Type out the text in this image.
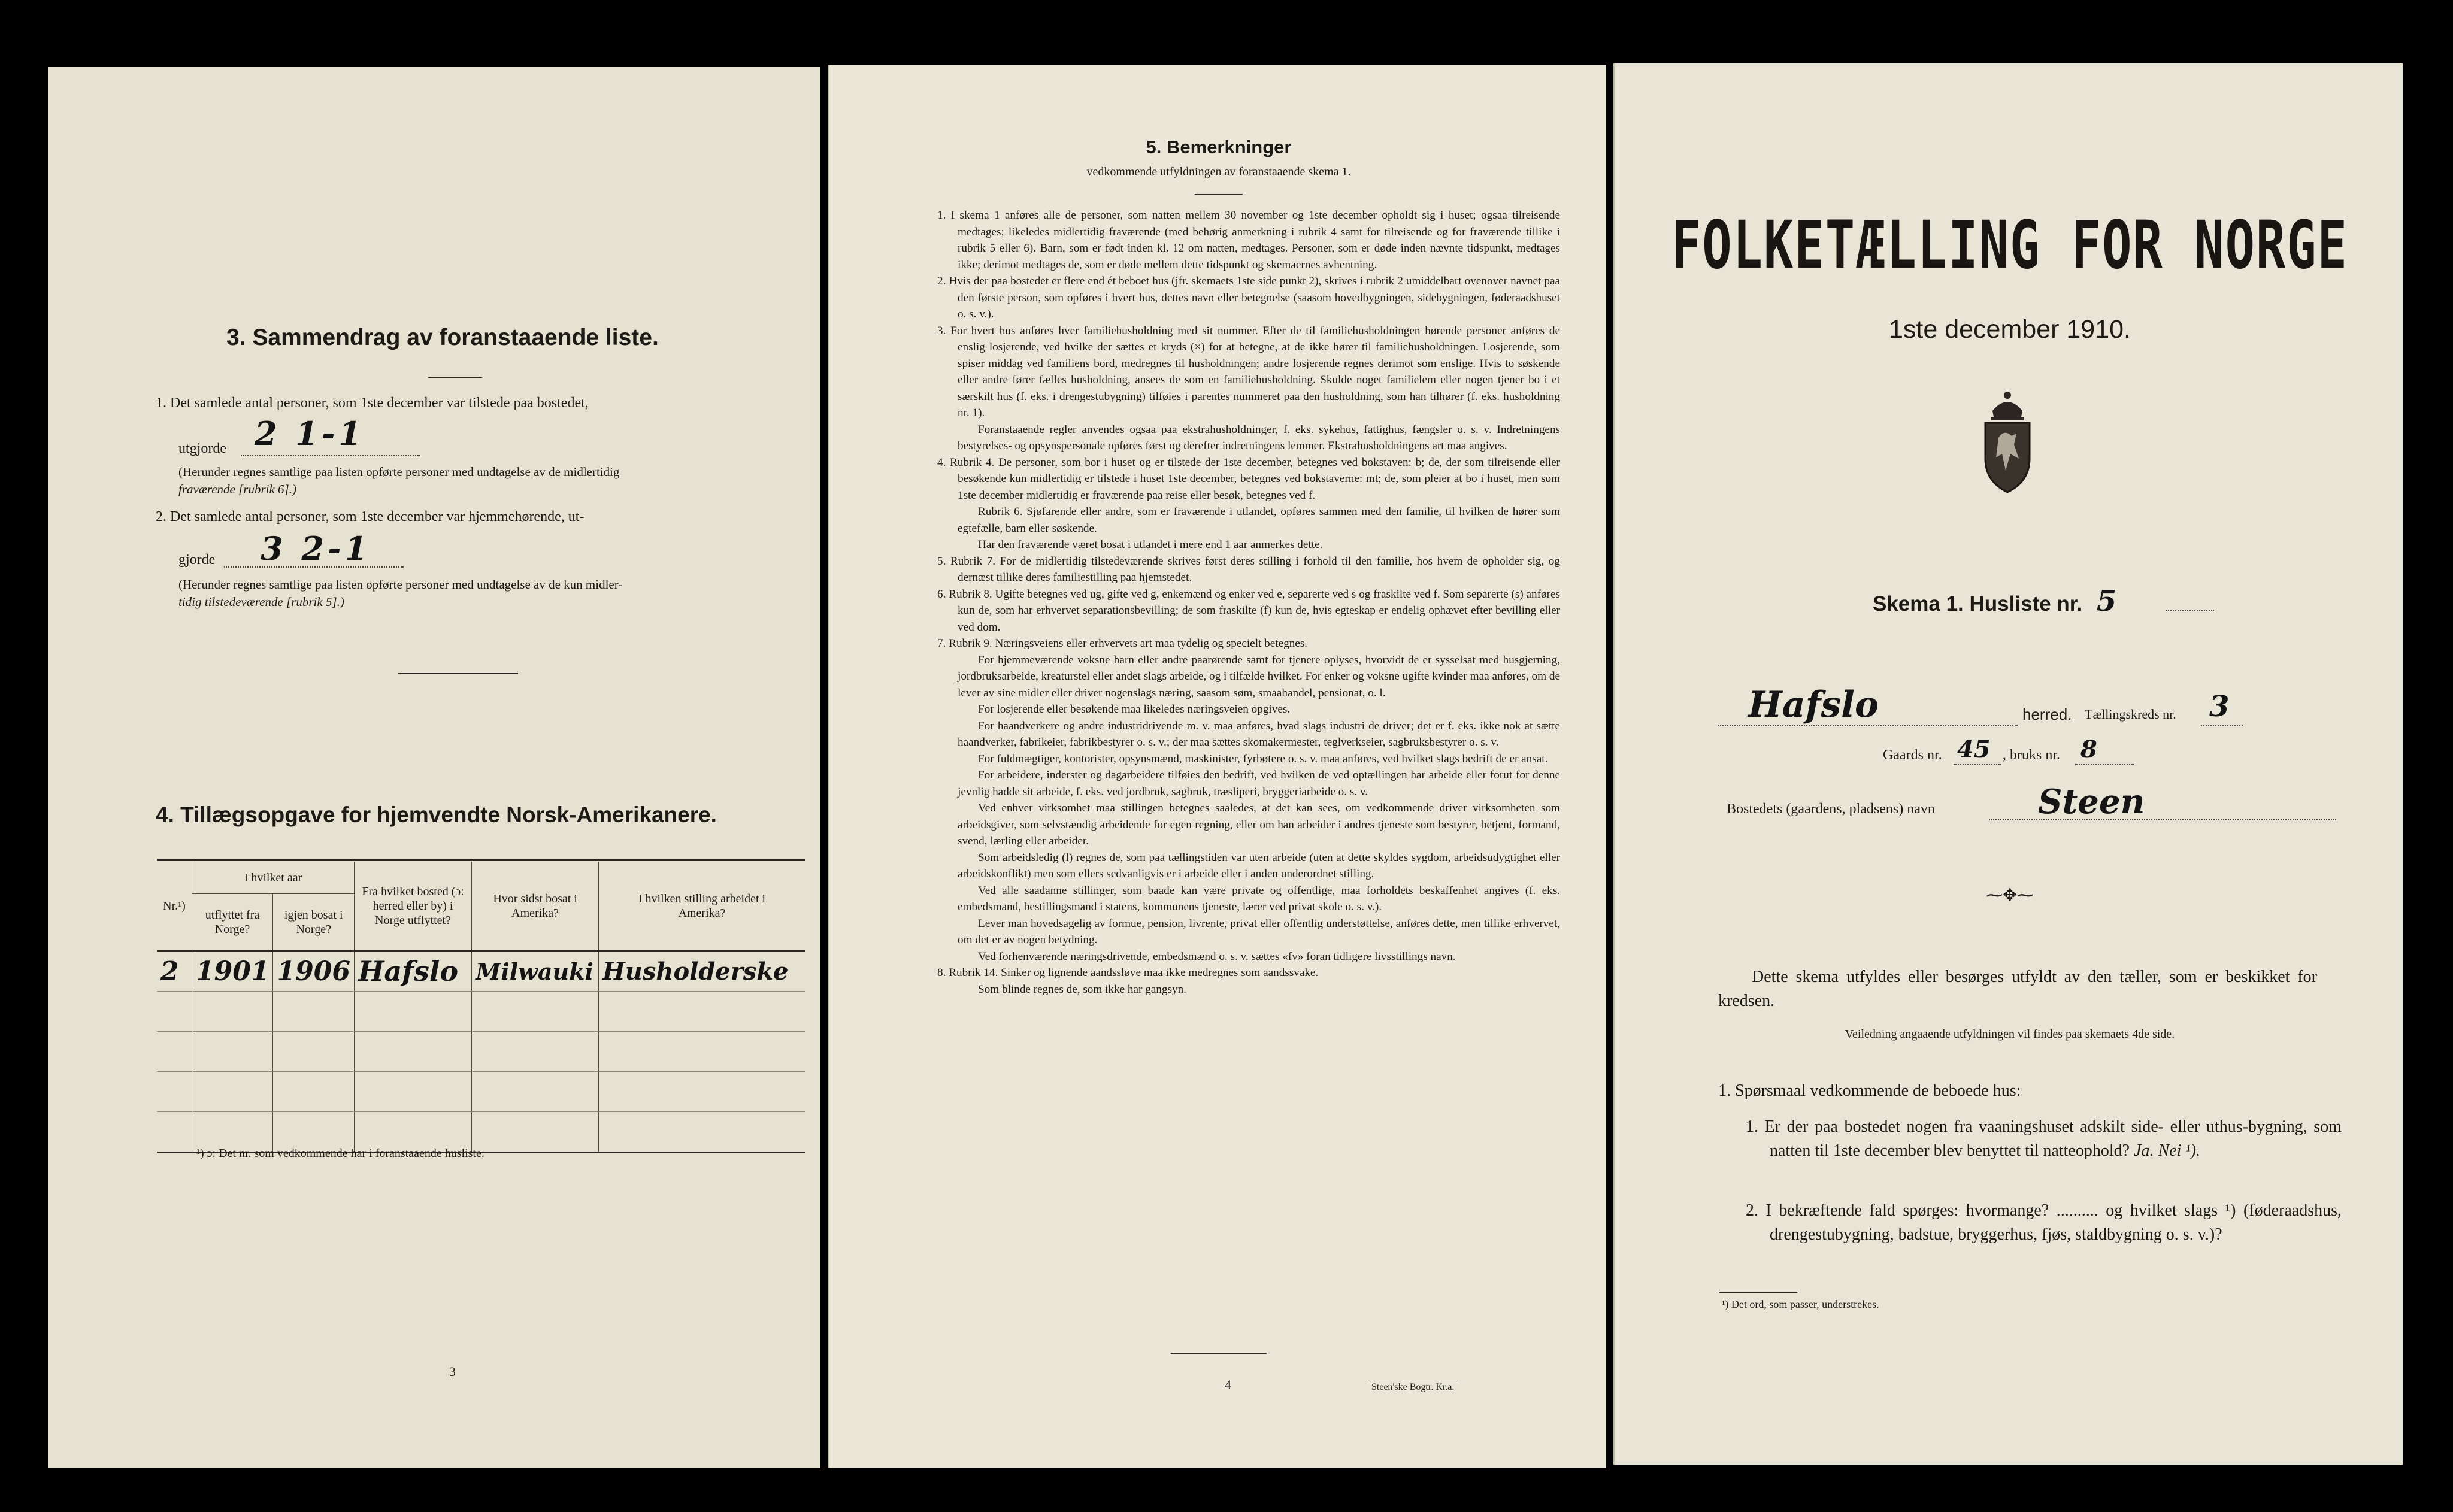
3. Sammendrag av foranstaaende liste.
1. Det samlede antal personer, som 1ste december var tilstede paa bostedet,
utgjorde 2 1-1
(Herunder regnes samtlige paa listen opførte personer med undtagelse av de midlertidig
fraværende [rubrik 6].)
2. Det samlede antal personer, som 1ste december var hjemmehørende, ut-
gjorde 3 2-1
(Herunder regnes samtlige paa listen opførte personer med undtagelse av de kun midler-
tidig tilstedeværende [rubrik 5].)
4. Tillægsopgave for hjemvendte Norsk-Amerikanere.
Nr.¹)	I hvilket aar		Fra hvilket bosted (ɔ: herred eller by) i Norge utflyttet?	Hvor sidst bosat i Amerika?	I hvilken stilling arbeidet i Amerika?
	utflyttet fra Norge?	igjen bosat i Norge?			
2	1901	1906	Hafslo	Milwauki	Husholderske

¹) ɔ: Det nr. som vedkommende har i foranstaaende husliste.
3
5. Bemerkninger
vedkommende utfyldningen av foranstaaende skema 1.

1. I skema 1 anføres alle de personer, som natten mellem 30 november og 1ste december opholdt sig i huset; ogsaa tilreisende medtages; likeledes midlertidig fraværende (med behørig anmerkning i rubrik 4 samt for tilreisende og for fraværende tillike i rubrik 5 eller 6). Barn, som er født inden kl. 12 om natten, medtages. Personer, som er døde inden nævnte tidspunkt, medtages ikke; derimot medtages de, som er døde mellem dette tidspunkt og skemaernes avhentning.

2. Hvis der paa bostedet er flere end ét beboet hus (jfr. skemaets 1ste side punkt 2), skrives i rubrik 2 umiddelbart ovenover navnet paa den første person, som opføres i hvert hus, dettes navn eller betegnelse (saasom hovedbygningen, sidebygningen, føderaadshuset o. s. v.).

3. For hvert hus anføres hver familiehusholdning med sit nummer. Efter de til familiehusholdningen hørende personer anføres de enslig losjerende, ved hvilke der sættes et kryds (×) for at betegne, at de ikke hører til familiehusholdningen. Losjerende, som spiser middag ved familiens bord, medregnes til husholdningen; andre losjerende regnes derimot som enslige. Hvis to søskende eller andre fører fælles husholdning, ansees de som en familiehusholdning. Skulde noget familielem eller nogen tjener bo i et særskilt hus (f. eks. i drengestubygning) tilføies i parentes nummeret paa den husholdning, som han tilhører (f. eks. husholdning nr. 1).

Foranstaaende regler anvendes ogsaa paa ekstrahusholdninger, f. eks. sykehus, fattighus, fængsler o. s. v. Indretningens bestyrelses- og opsynspersonale opføres først og derefter indretningens lemmer. Ekstrahusholdningens art maa angives.

4. Rubrik 4. De personer, som bor i huset og er tilstede der 1ste december, betegnes ved bokstaven: b; de, der som tilreisende eller besøkende kun midlertidig er tilstede i huset 1ste december, betegnes ved bokstaverne: mt; de, som pleier at bo i huset, men som 1ste december midlertidig er fraværende paa reise eller besøk, betegnes ved f.

Rubrik 6. Sjøfarende eller andre, som er fraværende i utlandet, opføres sammen med den familie, til hvilken de hører som egtefælle, barn eller søskende.

Har den fraværende været bosat i utlandet i mere end 1 aar anmerkes dette.

5. Rubrik 7. For de midlertidig tilstedeværende skrives først deres stilling i forhold til den familie, hos hvem de opholder sig, og dernæst tillike deres familiestilling paa hjemstedet.

6. Rubrik 8. Ugifte betegnes ved ug, gifte ved g, enkemænd og enker ved e, separerte ved s og fraskilte ved f. Som separerte (s) anføres kun de, som har erhvervet separationsbevilling; de som fraskilte (f) kun de, hvis egteskap er endelig ophævet efter bevilling eller ved dom.

7. Rubrik 9. Næringsveiens eller erhvervets art maa tydelig og specielt betegnes.

For hjemmeværende voksne barn eller andre paarørende samt for tjenere oplyses, hvorvidt de er sysselsat med husgjerning, jordbruksarbeide, kreaturstel eller andet slags arbeide, og i tilfælde hvilket. For enker og voksne ugifte kvinder maa anføres, om de lever av sine midler eller driver nogenslags næring, saasom søm, smaahandel, pensionat, o. l.

For losjerende eller besøkende maa likeledes næringsveien opgives.

For haandverkere og andre industridrivende m. v. maa anføres, hvad slags industri de driver; det er f. eks. ikke nok at sætte haandverker, fabrikeier, fabrikbestyrer o. s. v.; der maa sættes skomakermester, teglverkseier, sagbruksbestyrer o. s. v.

For fuldmægtiger, kontorister, opsynsmænd, maskinister, fyrbøtere o. s. v. maa anføres, ved hvilket slags bedrift de er ansat.

For arbeidere, inderster og dagarbeidere tilføies den bedrift, ved hvilken de ved optællingen har arbeide eller forut for denne jevnlig hadde sit arbeide, f. eks. ved jordbruk, sagbruk, træsliperi, bryggeriarbeide o. s. v.

Ved enhver virksomhet maa stillingen betegnes saaledes, at det kan sees, om vedkommende driver virksomheten som arbeidsgiver, som selvstændig arbeidende for egen regning, eller om han arbeider i andres tjeneste som bestyrer, betjent, formand, svend, lærling eller arbeider.

Som arbeidsledig (l) regnes de, som paa tællingstiden var uten arbeide (uten at dette skyldes sygdom, arbeidsudygtighet eller arbeidskonflikt) men som ellers sedvanligvis er i arbeide eller i anden underordnet stilling.

Ved alle saadanne stillinger, som baade kan være private og offentlige, maa forholdets beskaffenhet angives (f. eks. embedsmand, bestillingsmand i statens, kommunens tjeneste, lærer ved privat skole o. s. v.).

Lever man hovedsagelig av formue, pension, livrente, privat eller offentlig understøttelse, anføres dette, men tillike erhvervet, om det er av nogen betydning.

Ved forhenværende næringsdrivende, embedsmænd o. s. v. sættes «fv» foran tidligere livsstillings navn.

8. Rubrik 14. Sinker og lignende aandssløve maa ikke medregnes som aandssvake.

Som blinde regnes de, som ikke har gangsyn.

4	Steen'ske Bogtr. Kr.a.
FOLKETÆLLING FOR NORGE
1ste december 1910.
Skema 1. Husliste nr. 5
Hafslo	herred. Tællingskreds nr. 3
Gaards nr. 45 , bruks nr. 8
Bostedets (gaardens, pladsens) navn	Steen
⁓✥⁓
Dette skema utfyldes eller besørges utfyldt av den tæller, som er beskikket for kredsen.
Veiledning angaaende utfyldningen vil findes paa skemaets 4de side.
1. Spørsmaal vedkommende de beboede hus:
1. Er der paa bostedet nogen fra vaaningshuset adskilt side- eller uthus-bygning, som natten til 1ste december blev benyttet til natteophold? Ja. Nei ¹).
2. I bekræftende fald spørges: hvormange? .......... og hvilket slags ¹) (føderaadshus, drengestubygning, badstue, bryggerhus, fjøs, staldbygning o. s. v.)?
¹) Det ord, som passer, understrekes.
